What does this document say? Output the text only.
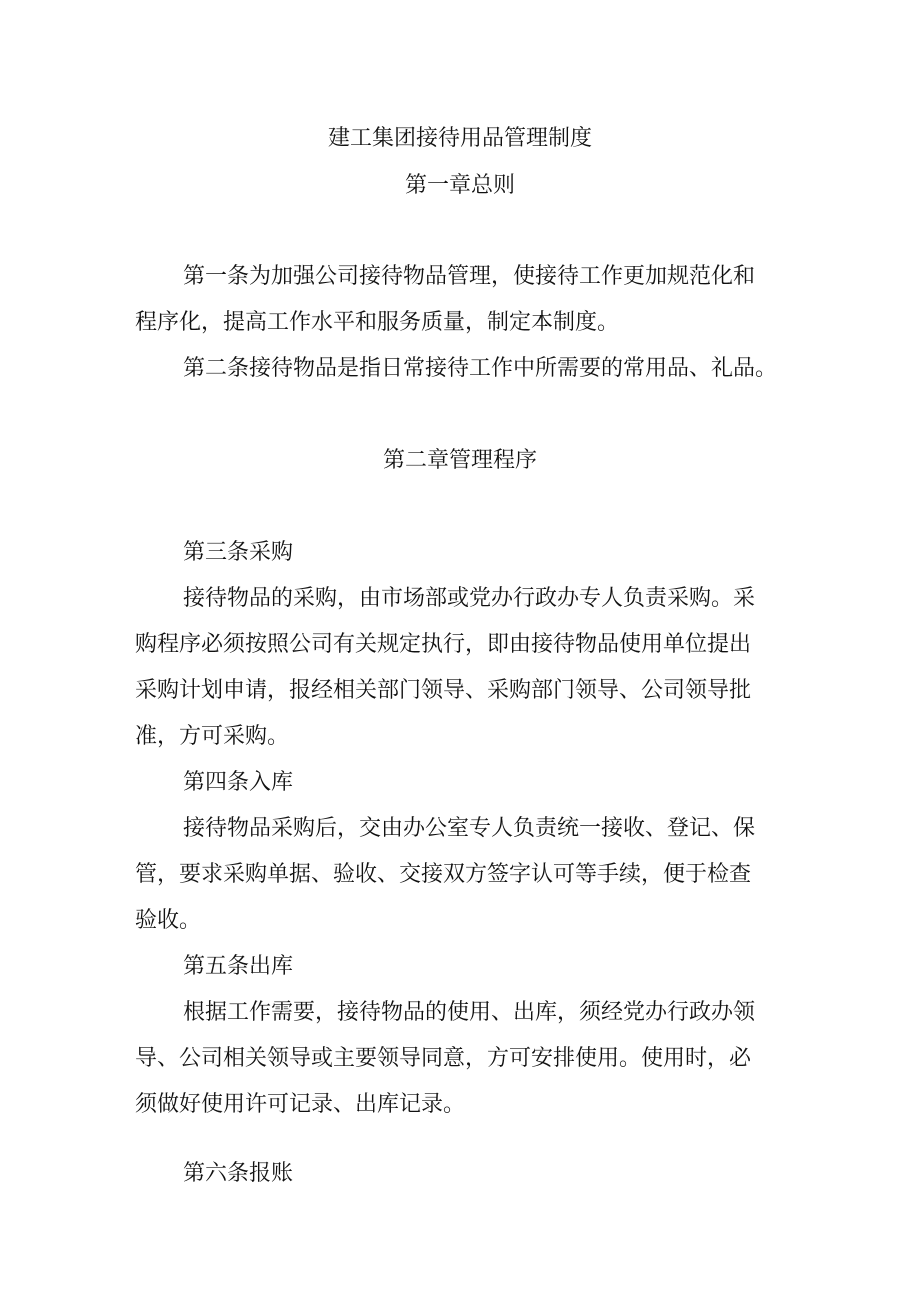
建工集团接待用品管理制度
第一章总则
第一条为加强公司接待物品管理，使接待工作更加规范化和
程序化，提高工作水平和服务质量，制定本制度。
第二条接待物品是指日常接待工作中所需要的常用品、礼品。
第二章管理程序
第三条采购
接待物品的采购，由市场部或党办行政办专人负责采购。采
购程序必须按照公司有关规定执行，即由接待物品使用单位提出
采购计划申请，报经相关部门领导、采购部门领导、公司领导批
准，方可采购。
第四条入库
接待物品采购后，交由办公室专人负责统一接收、登记、保
管，要求采购单据、验收、交接双方签字认可等手续，便于检查
验收。
第五条出库
根据工作需要，接待物品的使用、出库，须经党办行政办领
导、公司相关领导或主要领导同意，方可安排使用。使用时，必
须做好使用许可记录、出库记录。
第六条报账
